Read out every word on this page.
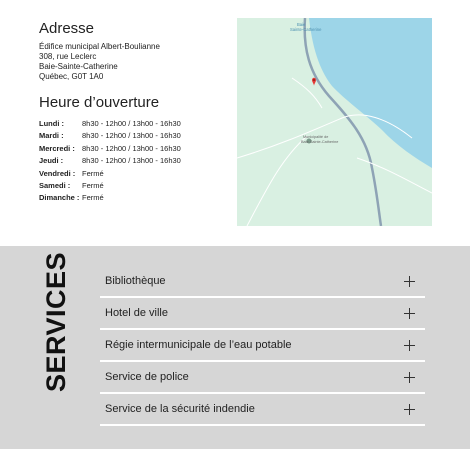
Adresse
Édifice municipal Albert-Boulianne
308, rue Leclerc
Baie-Sainte-Catherine
Québec, G0T 1A0
Heure d’ouverture
Lundi :	8h30 - 12h00 / 13h00 - 16h30
Mardi :	8h30 - 12h00 / 13h00 - 16h30
Mercredi : 8h30 - 12h00 / 13h00 - 16h30
Jeudi :	8h30 - 12h00 / 13h00 - 16h30
Vendredi : Fermé
Samedi :	Fermé
Dimanche : Fermé
Baie
Sainte-Catherine
Municipalité de
Baie-Sainte-Catherine
SERVICES	Bibliothèque
Hotel de ville
Régie intermunicipale de l’eau potable
Service de police
Service de la sécurité indendie
